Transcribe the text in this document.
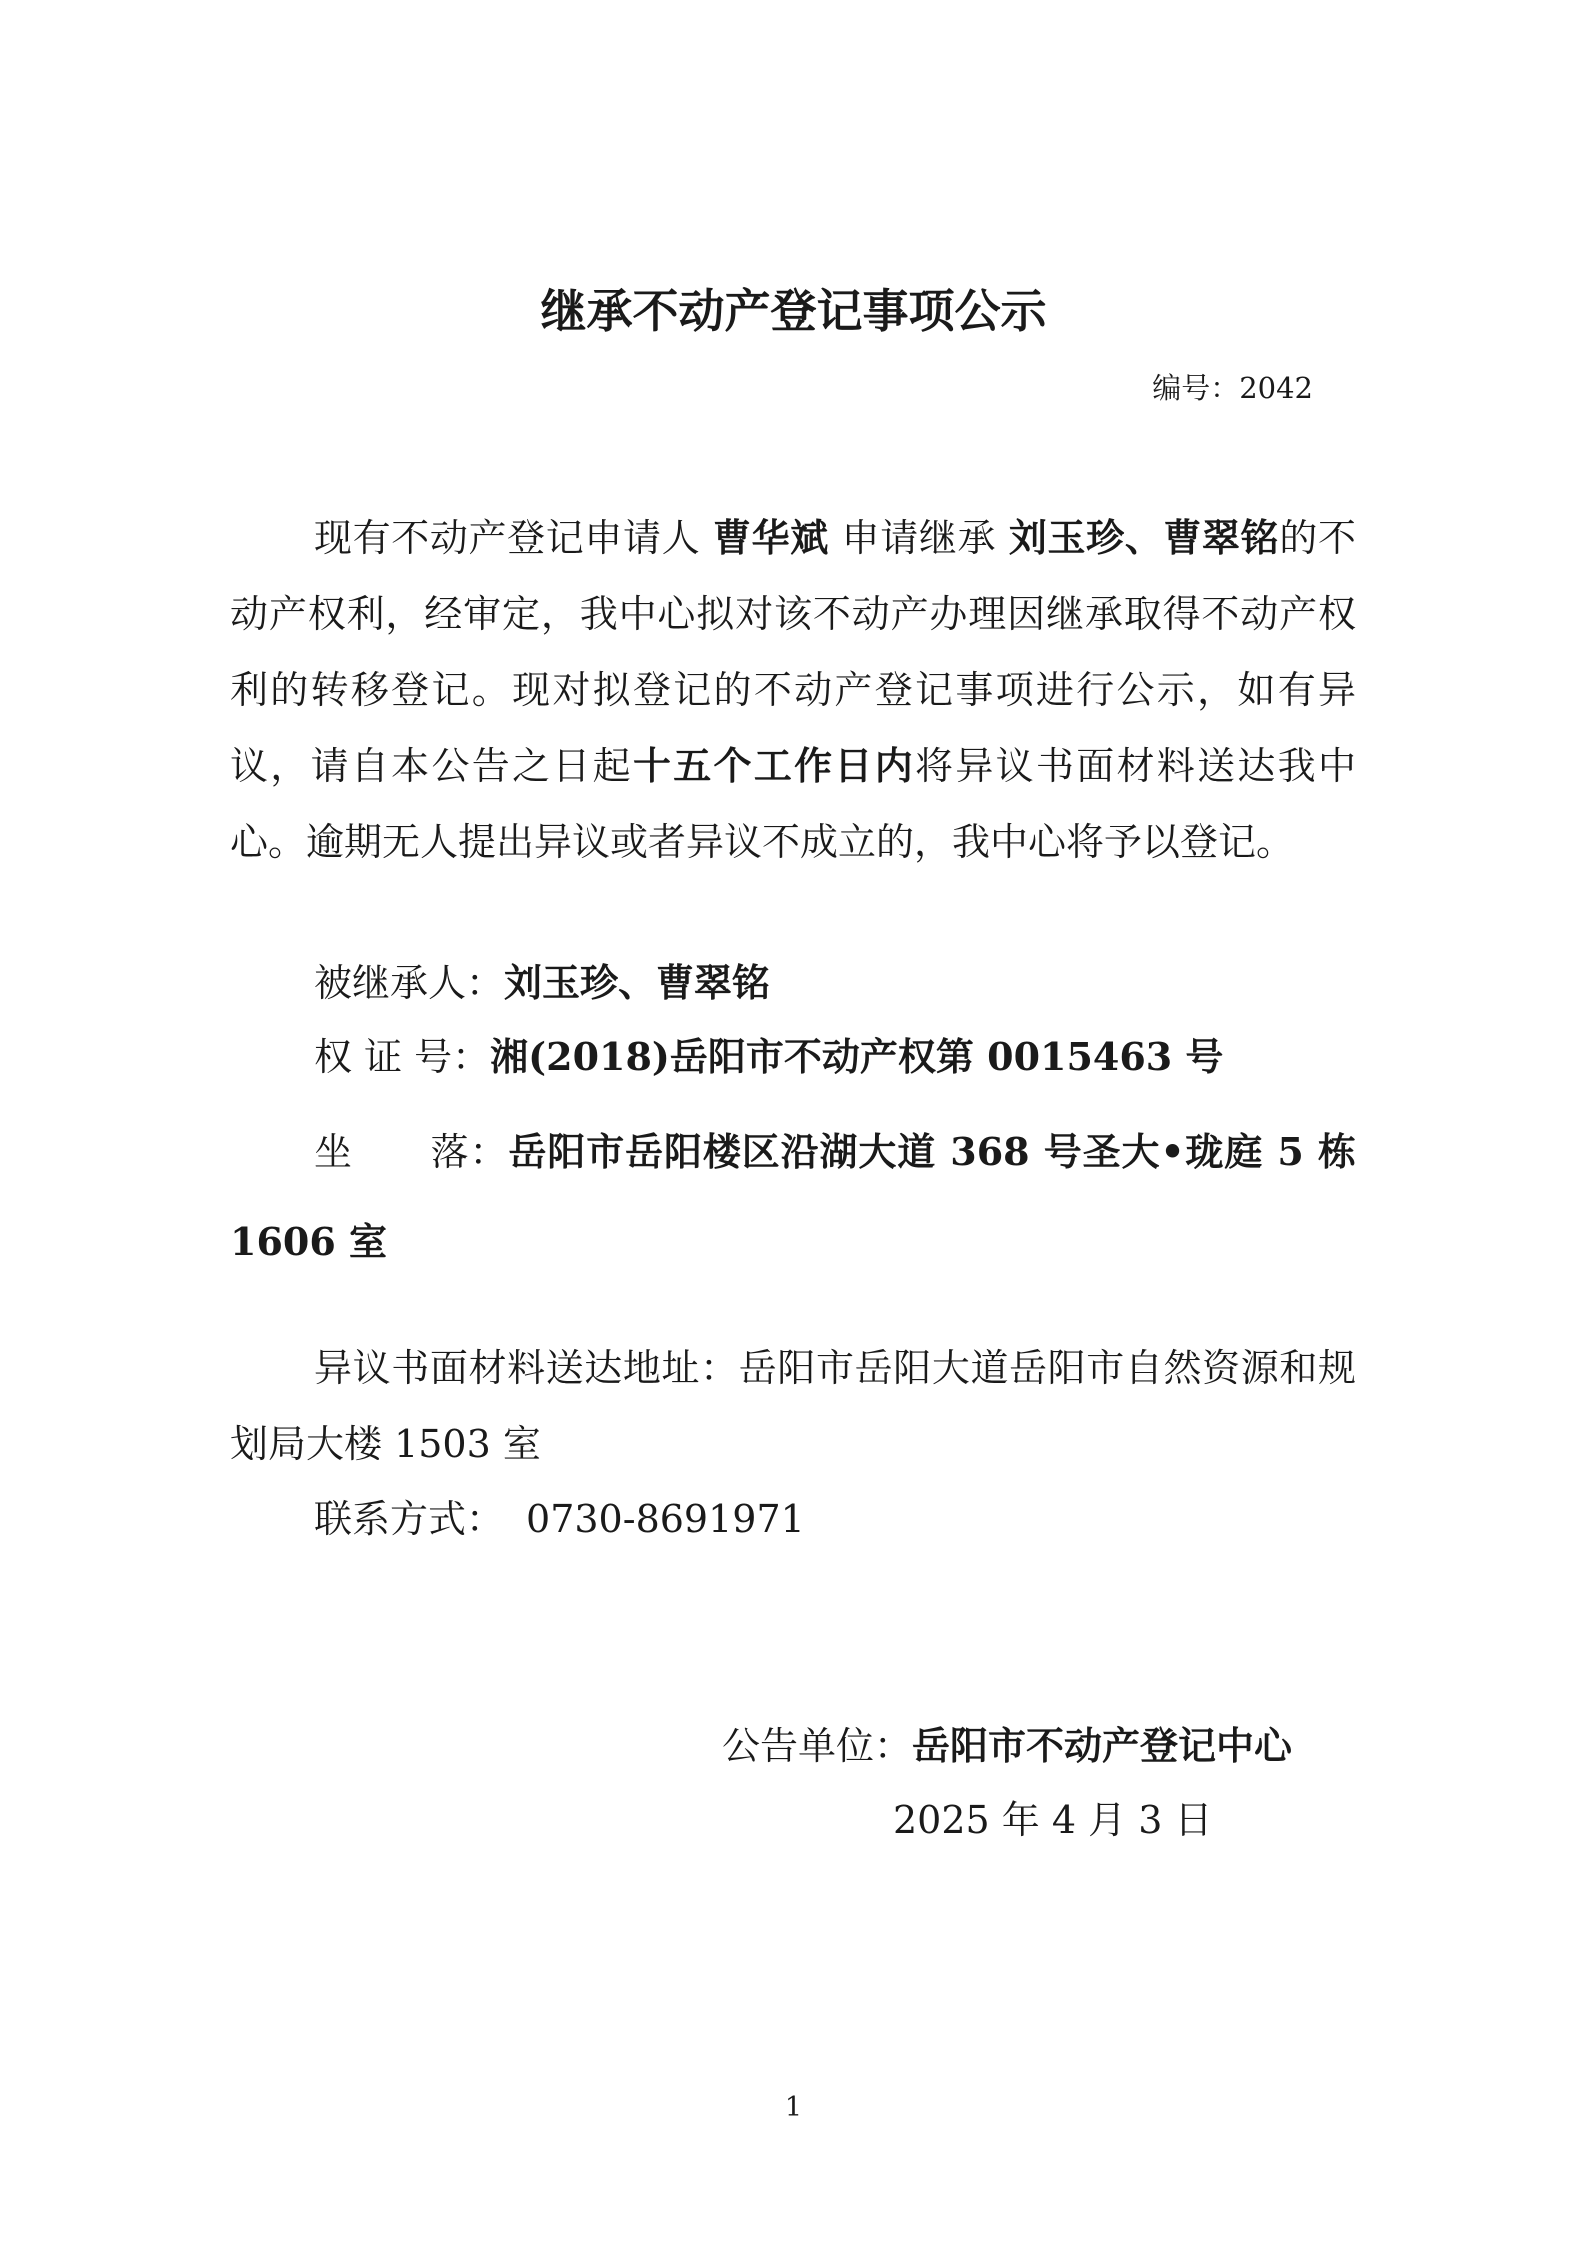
继承不动产登记事项公示
编号：2042

现有不动产登记申请人 曹华斌 申请继承 刘玉珍、曹翠铭的不动产权利，经审定，我中心拟对该不动产办理因继承取得不动产权利的转移登记。现对拟登记的不动产登记事项进行公示，如有异议，请自本公告之日起十五个工作日内将异议书面材料送达我中心。逾期无人提出异议或者异议不成立的，我中心将予以登记。

被继承人：刘玉珍、曹翠铭

权 证 号：湘(2018)岳阳市不动产权第 0015463 号

坐　　落：岳阳市岳阳楼区沿湖大道 368 号圣大•珑庭 5 栋 1606 室

异议书面材料送达地址：岳阳市岳阳大道岳阳市自然资源和规划局大楼 1503 室

联系方式： 0730-8691971

公告单位：岳阳市不动产登记中心
2025 年 4 月 3 日
1
